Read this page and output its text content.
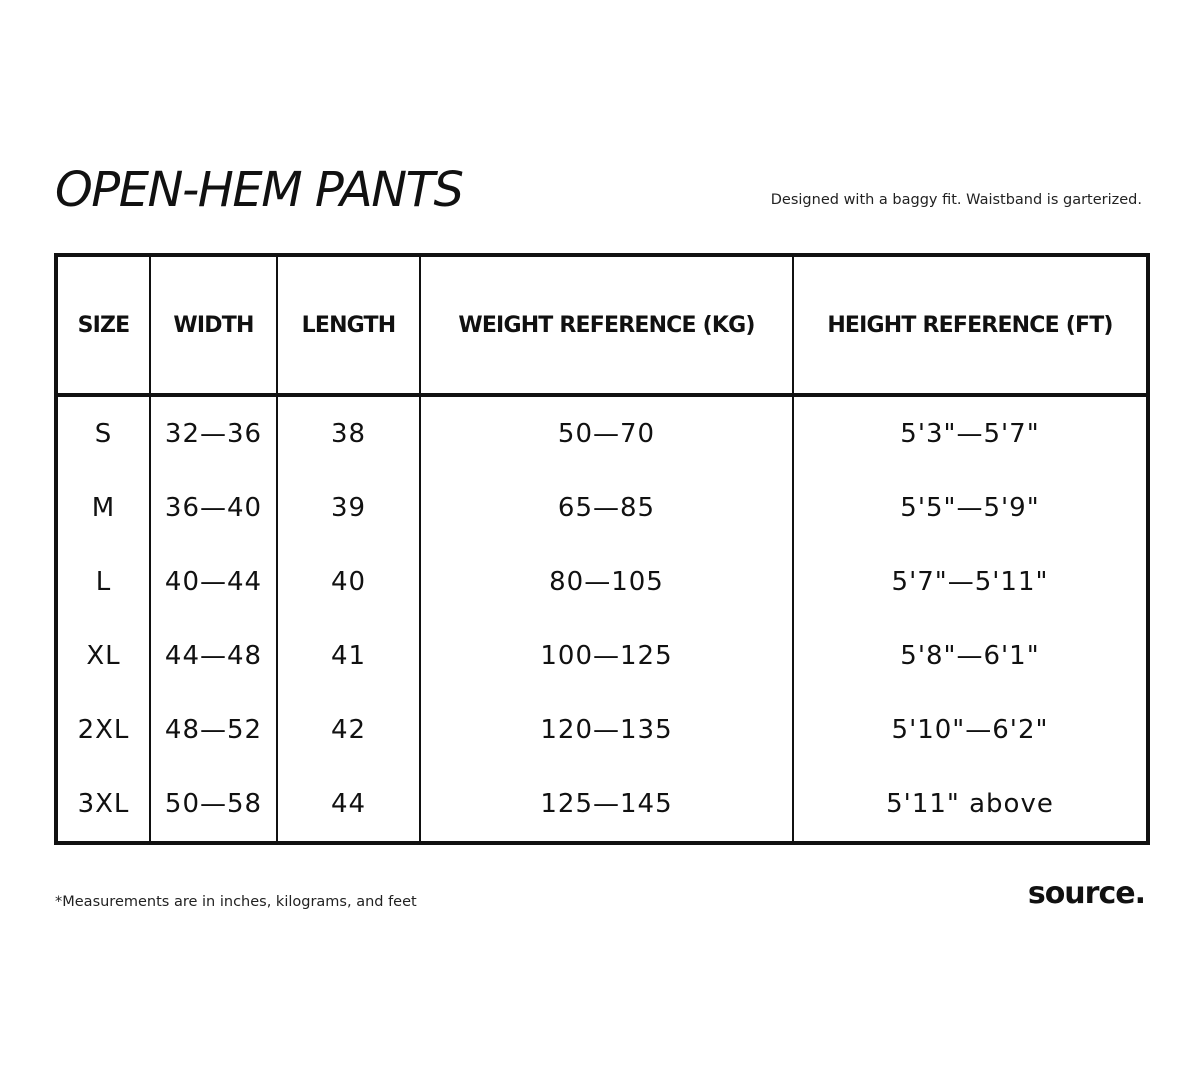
OPEN-HEM PANTS	Designed with a baggy fit. Waistband is garterized.

SIZE	WIDTH	LENGTH	WEIGHT REFERENCE (KG)	HEIGHT REFERENCE (FT)
S	32—36	38	50—70	5'3"—5'7"
M	36—40	39	65—85	5'5"—5'9"
L	40—44	40	80—105	5'7"—5'11"
XL	44—48	41	100—125	5'8"—6'1"
2XL	48—52	42	120—135	5'10"—6'2"
3XL	50—58	44	125—145	5'11" above

*Measurements are in inches, kilograms, and feet	source.
